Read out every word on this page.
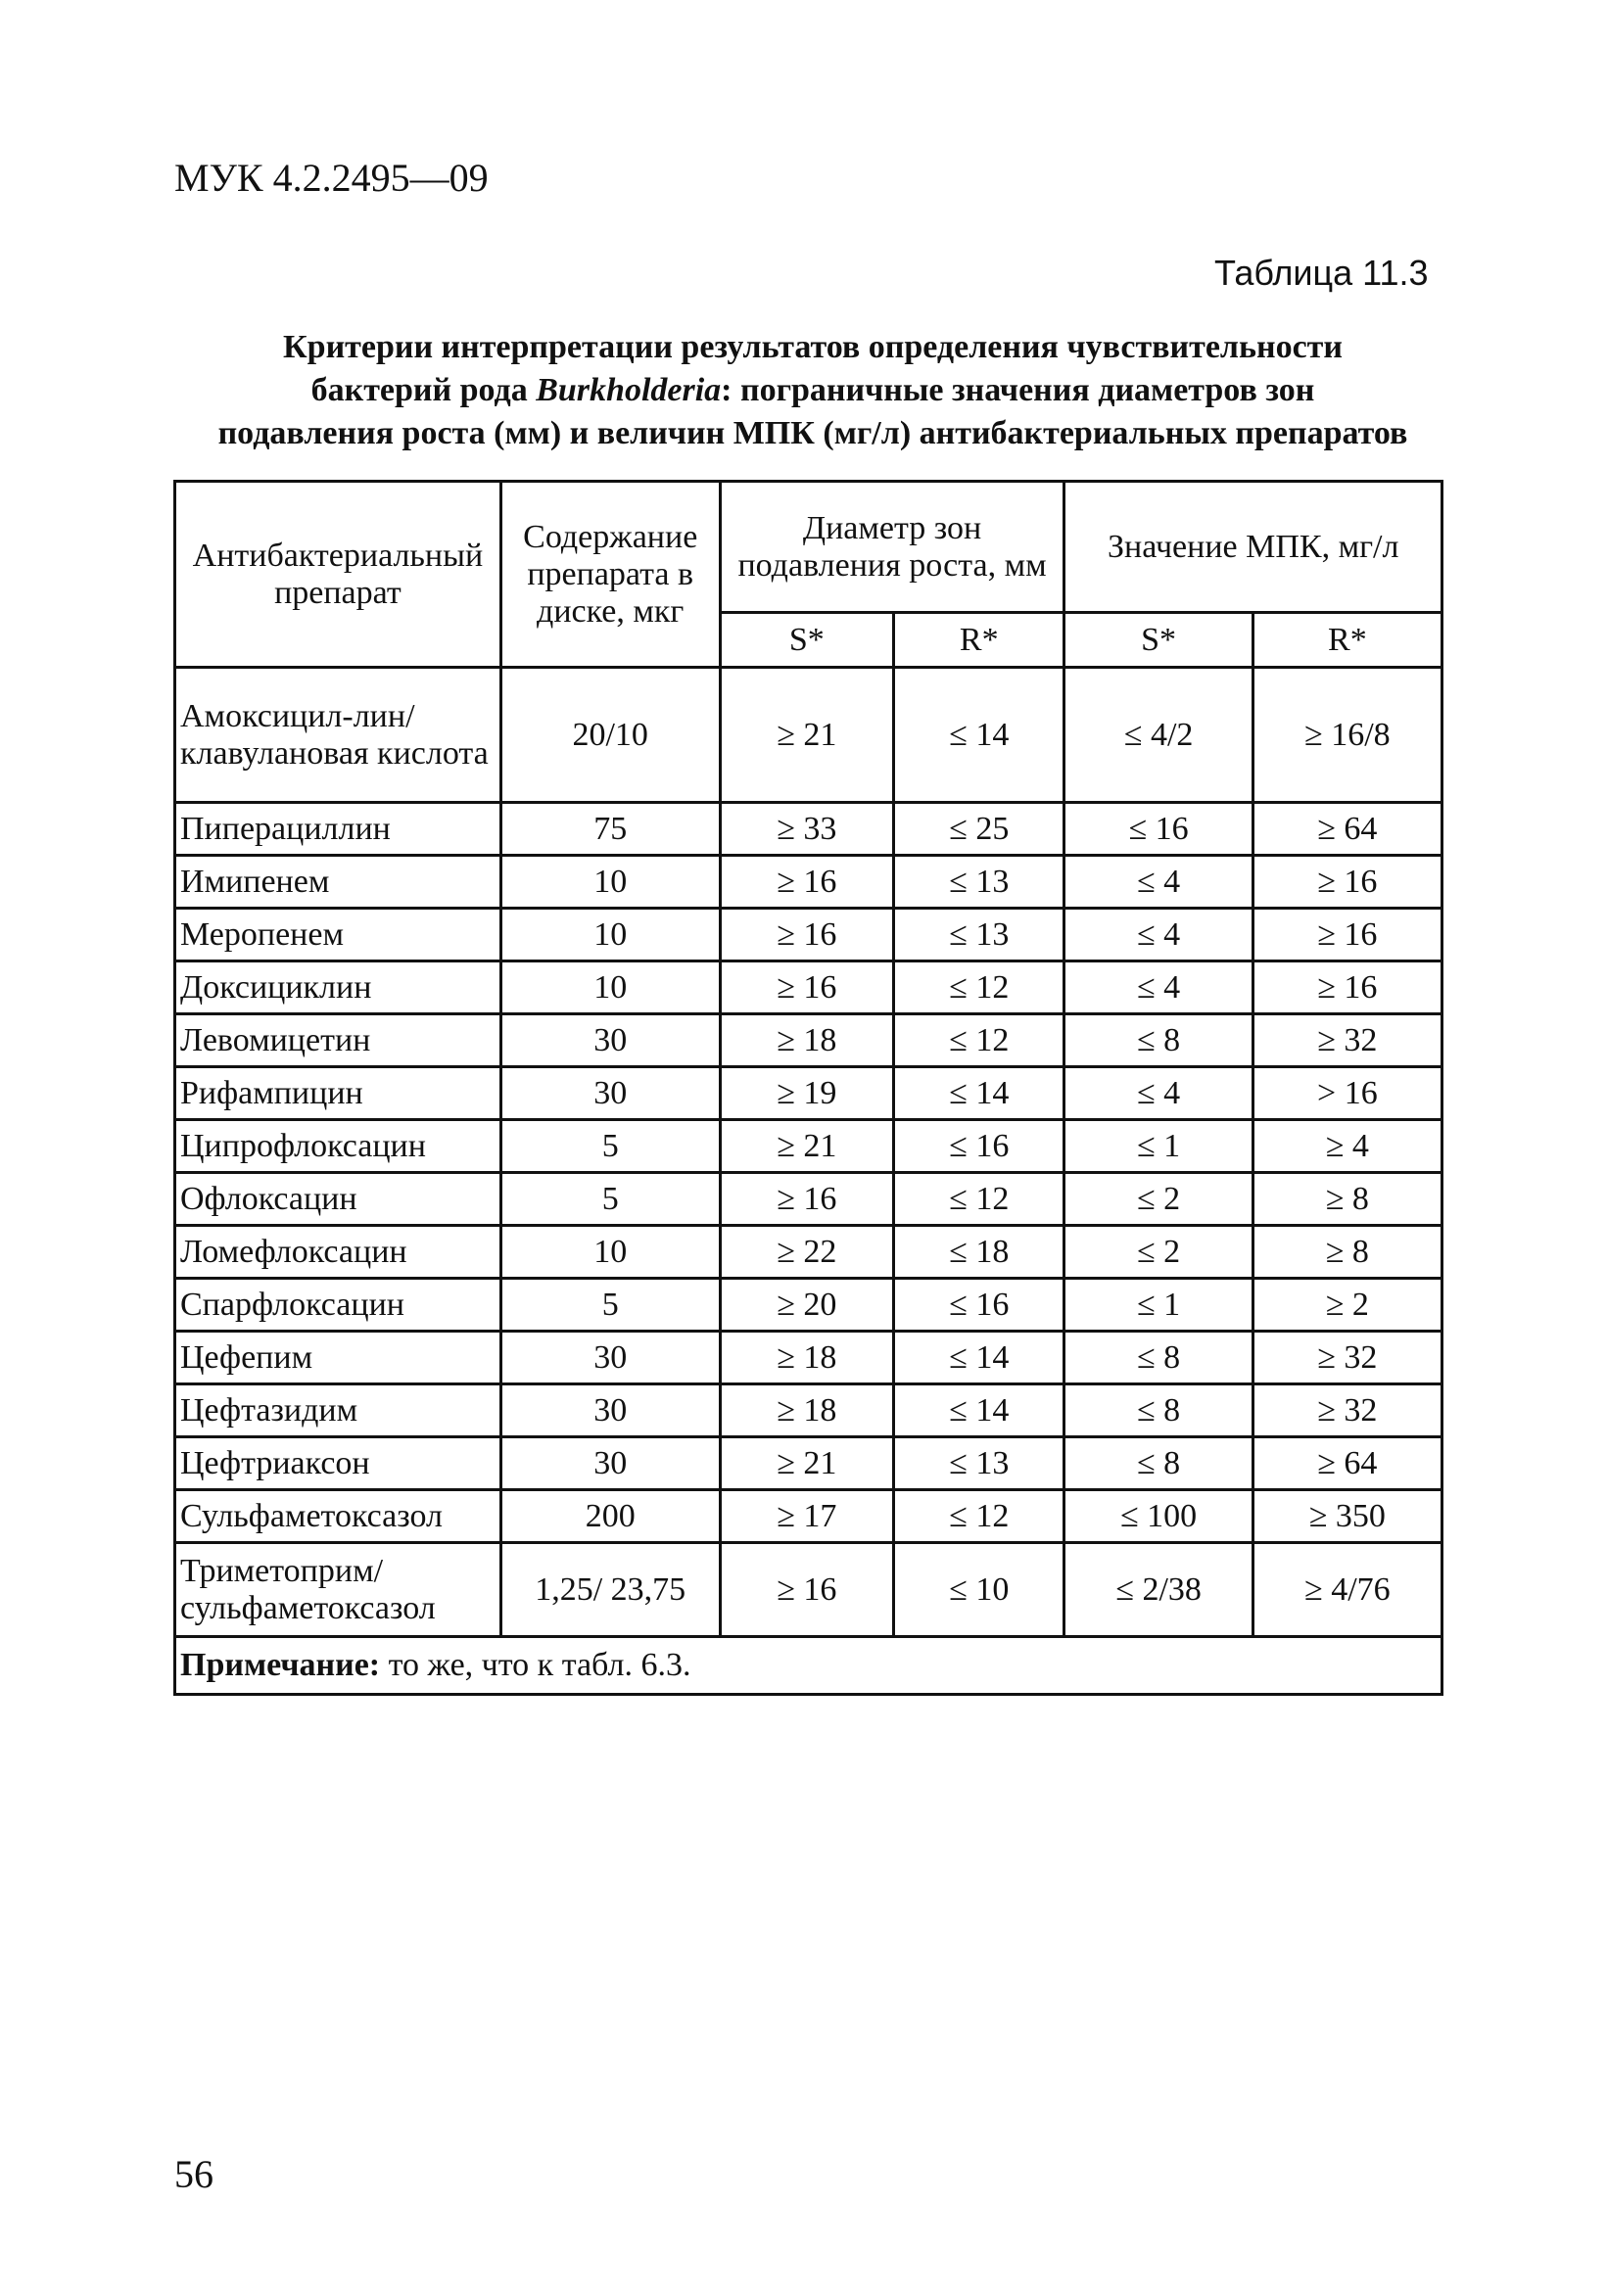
МУК 4.2.2495—09
Таблица 11.3
Критерии интерпретации результатов определения чувствительности
бактерий рода Burkholderia: пограничные значения диаметров зон
подавления роста (мм) и величин МПК (мг/л) антибактериальных препаратов
Антибактериальный препарат	Содержание препарата в диске, мкг	Диаметр зон подавления роста, мм		Значение МПК, мг/л	
		S*	R*	S*	R*
Амоксицил-лин/клавулановая кислота	20/10	≥ 21	≤ 14	≤ 4/2	≥ 16/8
Пиперациллин	75	≥ 33	≤ 25	≤ 16	≥ 64
Имипенем	10	≥ 16	≤ 13	≤ 4	≥ 16
Меропенем	10	≥ 16	≤ 13	≤ 4	≥ 16
Доксициклин	10	≥ 16	≤ 12	≤ 4	≥ 16
Левомицетин	30	≥ 18	≤ 12	≤ 8	≥ 32
Рифампицин	30	≥ 19	≤ 14	≤ 4	> 16
Ципрофлоксацин	5	≥ 21	≤ 16	≤ 1	≥ 4
Офлоксацин	5	≥ 16	≤ 12	≤ 2	≥ 8
Ломефлоксацин	10	≥ 22	≤ 18	≤ 2	≥ 8
Спарфлоксацин	5	≥ 20	≤ 16	≤ 1	≥ 2
Цефепим	30	≥ 18	≤ 14	≤ 8	≥ 32
Цефтазидим	30	≥ 18	≤ 14	≤ 8	≥ 32
Цефтриаксон	30	≥ 21	≤ 13	≤ 8	≥ 64
Сульфаметоксазол	200	≥ 17	≤ 12	≤ 100	≥ 350
Триметоприм/ сульфаметоксазол	1,25/ 23,75	≥ 16	≤ 10	≤ 2/38	≥ 4/76
Примечание: то же, что к табл. 6.3.					
56
